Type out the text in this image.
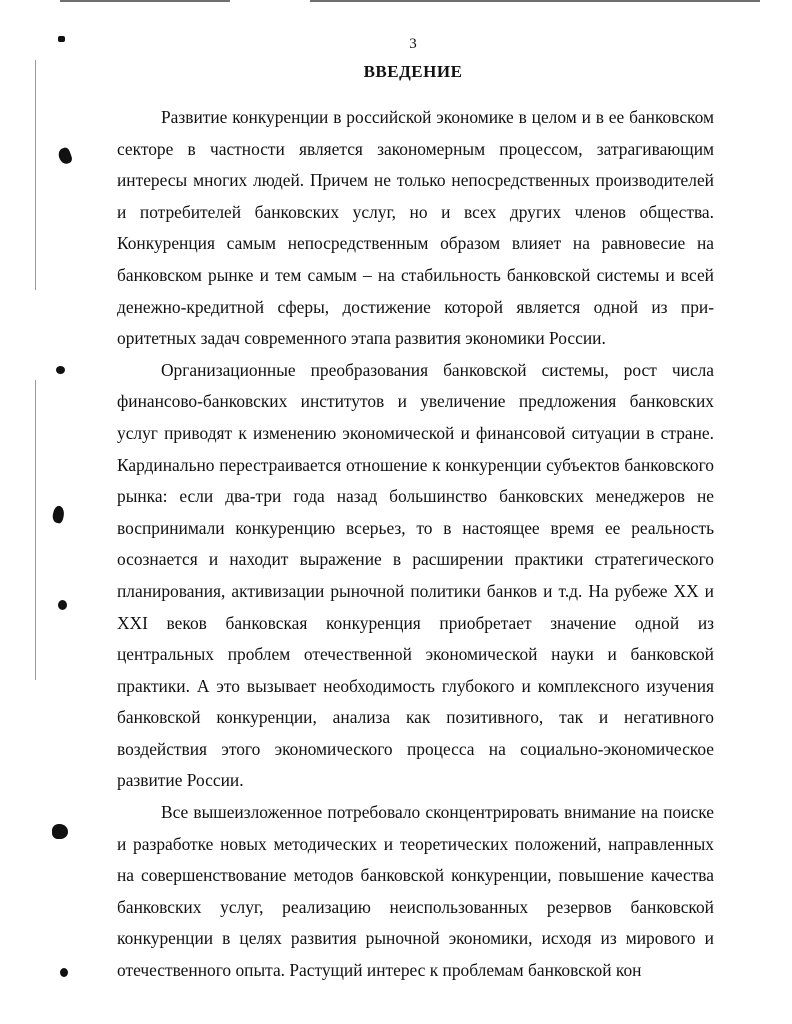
3
ВВЕДЕНИЕ

Развитие конкуренции в российской экономике в целом и в ее банковском секторе в частности является закономерным процессом, затрагивающим интересы многих людей. Причем не только непосредственных производителей и потребителей банковских услуг, но и всех других членов общества. Конкуренция самым непосредственным образом влияет на равновесие на банковском рынке и тем самым – на стабильность банковской системы и всей денежно-кредитной сферы, достижение которой является одной из приоритетных задач современного этапа развития экономики России.

Организационные преобразования банковской системы, рост числа финансово-банковских институтов и увеличение предложения банковских услуг приводят к изменению экономической и финансовой ситуации в стране. Кардинально перестраивается отношение к конкуренции субъектов банковского рынка: если два-три года назад большинство банковских менеджеров не воспринимали конкуренцию всерьез, то в настоящее время ее реальность осознается и находит выражение в расширении практики стратегического планирования, активизации рыночной политики банков и т.д. На рубеже XX и XXI веков банковская конкуренция приобретает значение одной из центральных проблем отечественной экономической науки и банковской практики. А это вызывает необходимость глубокого и комплексного изучения банковской конкуренции, анализа как позитивного, так и негативного воздействия этого экономического процесса на социально-экономическое развитие России.

Все вышеизложенное потребовало сконцентрировать внимание на поиске и разработке новых методических и теоретических положений, направленных на совершенствование методов банковской конкуренции, повышение качества банковских услуг, реализацию неиспользованных резервов банковской конкуренции в целях развития рыночной экономики, исходя из мирового и отечественного опыта. Растущий интерес к проблемам банковской кон
